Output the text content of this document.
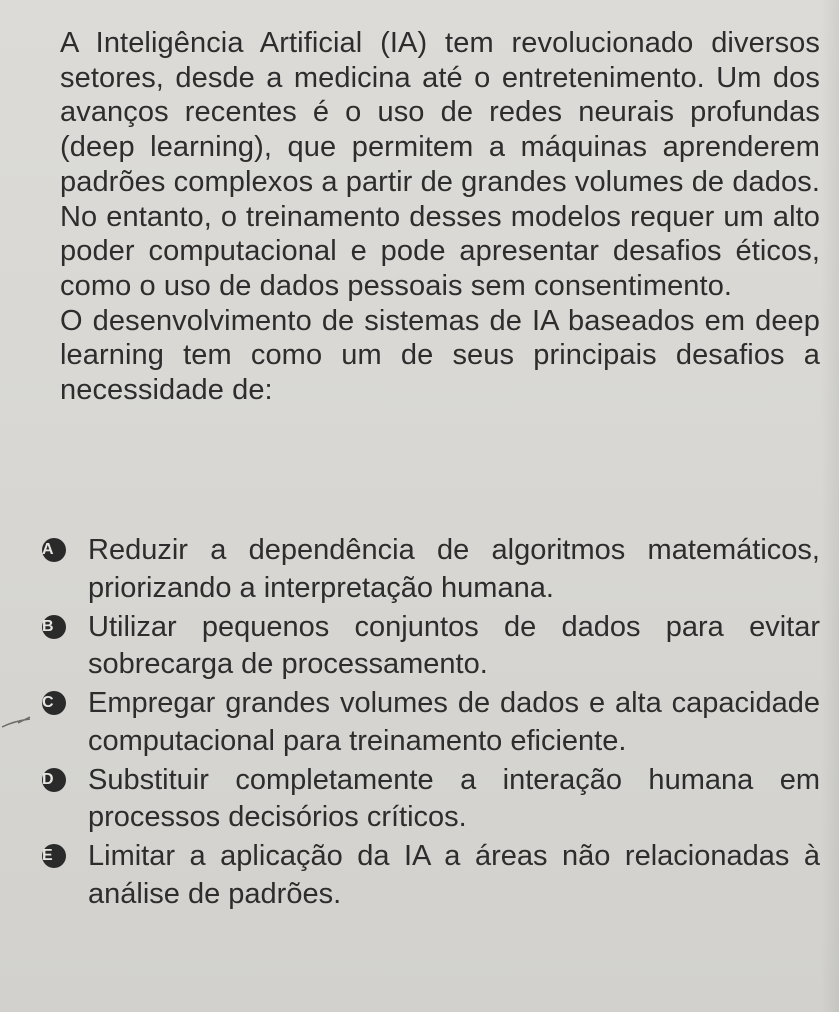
A Inteligência Artificial (IA) tem revolucionado diversos setores, desde a medicina até o entretenimento. Um dos avanços recentes é o uso de redes neurais profundas (deep learning), que permitem a máquinas aprenderem padrões complexos a partir de grandes volumes de dados. No entanto, o treinamento desses modelos requer um alto poder computacional e pode apresentar desafios éticos, como o uso de dados pessoais sem consentimento.

O desenvolvimento de sistemas de IA baseados em deep learning tem como um de seus principais desafios a necessidade de:

A	Reduzir a dependência de algoritmos matemáticos, priorizando a interpretação humana.
B	Utilizar pequenos conjuntos de dados para evitar sobrecarga de processamento.
C	Empregar grandes volumes de dados e alta capacidade computacional para treinamento eficiente.
D	Substituir completamente a interação humana em processos decisórios críticos.
E	Limitar a aplicação da IA a áreas não relacionadas à análise de padrões.
